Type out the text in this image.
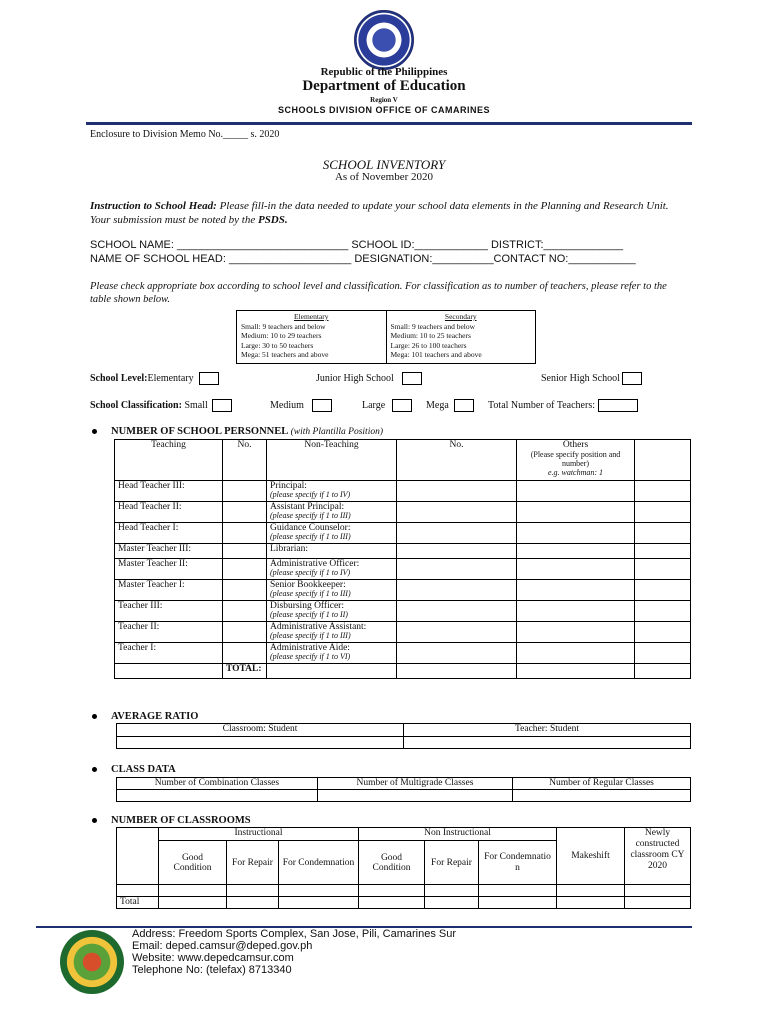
Republic of the Philippines
Department of Education
Region V
SCHOOLS DIVISION OFFICE OF CAMARINES
Enclosure to Division Memo No._____ s. 2020
SCHOOL INVENTORY
As of November 2020
Instruction to School Head: Please fill-in the data needed to update your school data elements in the Planning and Research Unit. Your submission must be noted by the PSDS.
SCHOOL NAME: ____________________________ SCHOOL ID:____________ DISTRICT:_____________
NAME OF SCHOOL HEAD: ____________________ DESIGNATION:__________CONTACT NO:___________
Please check appropriate box according to school level and classification. For classification as to number of teachers, please refer to the table shown below.
Elementary
Small: 9 teachers and below
Medium: 10 to 29 teachers
Large: 30 to 50 teachers
Mega: 51 teachers and above
Secondary
Small: 9 teachers and below
Medium: 10 to 25 teachers
Large: 26 to 100 teachers
Mega: 101 teachers and above
School Level:Elementary	Junior High School	Senior High School
School Classification: Small	Medium	Large	Mega	Total Number of Teachers:
NUMBER OF SCHOOL PERSONNEL (with Plantilla Position)
Teaching	No.	Non-Teaching	No.	Others
(Please specify position and number)
e.g. watchman: 1	
Head Teacher III:		Principal:
(please specify if 1 to IV)			

Head Teacher II:		Assistant Principal:
(please specify if 1 to III)			

Head Teacher I:		Guidance Counselor:
(please specify if 1 to III)			

Master Teacher III:		Librarian:			
Master Teacher II:		Administrative Officer:
(please specify if 1 to IV)			

Master Teacher I:		Senior Bookkeeper:
(please specify if 1 to III)			

Teacher III:		Disbursing Officer:
(please specify if 1 to II)			

Teacher II:		Administrative Assistant:
(please specify if 1 to III)			

Teacher I:		Administrative Aide:
(please specify if 1 to VI)			

	TOTAL:				
AVERAGE RATIO
Classroom: Student	Teacher: Student

CLASS DATA
Number of Combination Classes	Number of Multigrade Classes	Number of Regular Classes

NUMBER OF CLASSROOMS
	Instructional			Non Instructional			Makeshift	Newly constructed classroom CY 2020
	Good Condition	For Repair	For Condemnation	Good Condition	For Repair	For Condemnatio n		

Total								
Address: Freedom Sports Complex, San Jose, Pili, Camarines Sur
Email: deped.camsur@deped.gov.ph
Website: www.depedcamsur.com
Telephone No: (telefax) 8713340
